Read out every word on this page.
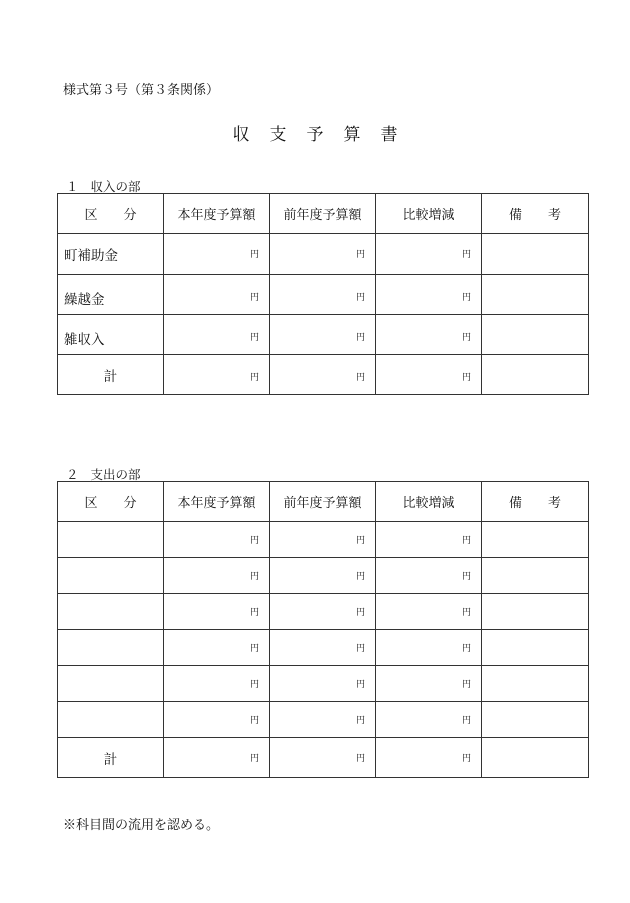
様式第３号（第３条関係）
収支予算書
１ 収入の部
区　　分	本年度予算額	前年度予算額	比較増減	備　　考
町補助金	円	円	円	
繰越金	円	円	円	
雑収入	円	円	円	
計	円	円	円	
２ 支出の部
区　　分	本年度予算額	前年度予算額	比較増減	備　　考
	円	円	円	
	円	円	円	
	円	円	円	
	円	円	円	
	円	円	円	
	円	円	円	
計	円	円	円	
※科目間の流用を認める。
